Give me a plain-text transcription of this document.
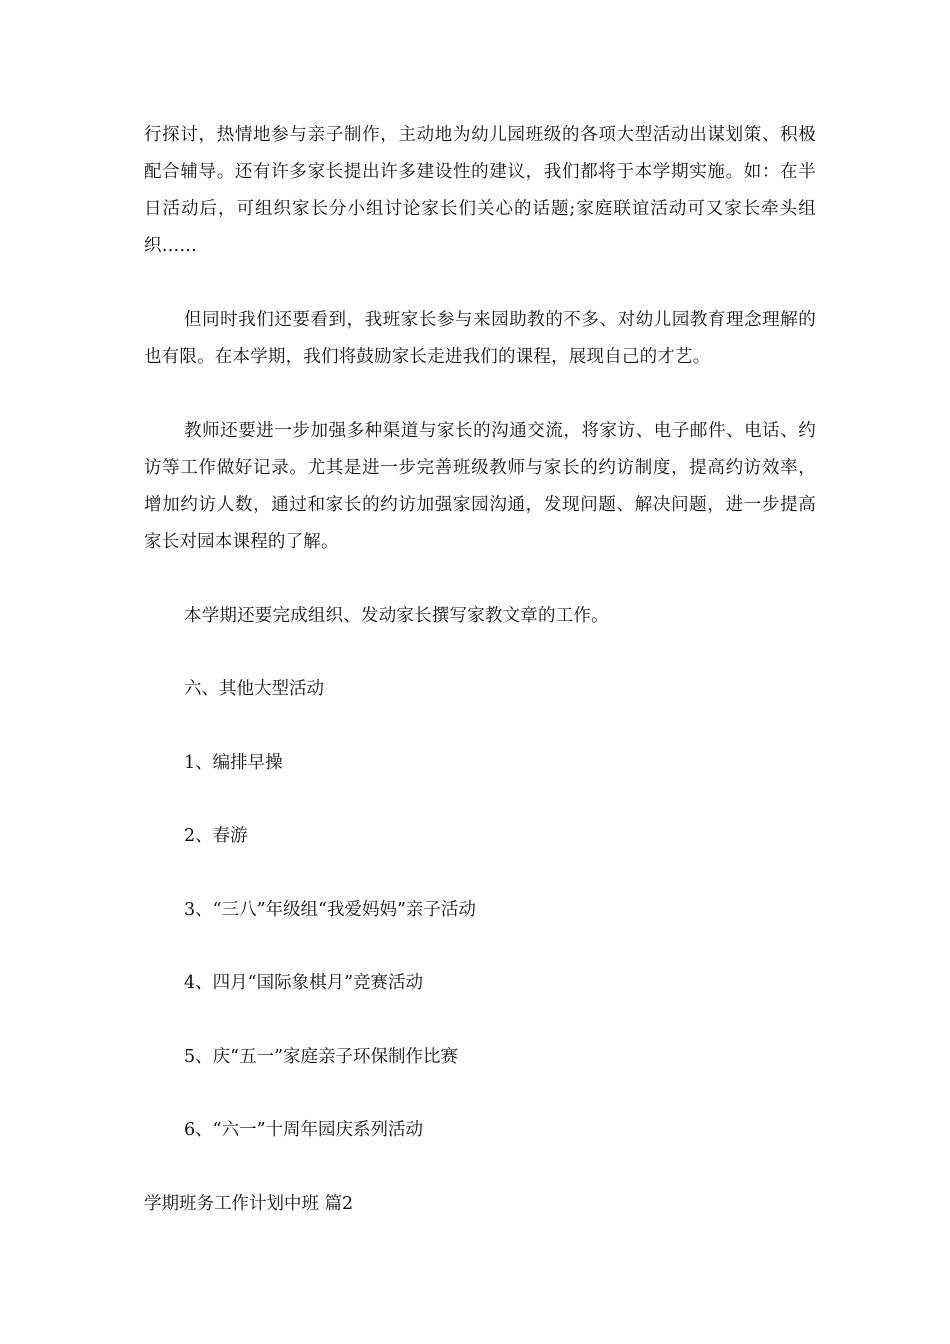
行探讨，热情地参与亲子制作，主动地为幼儿园班级的各项大型活动出谋划策、积极配合辅导。还有许多家长提出许多建设性的建议，我们都将于本学期实施。如：在半日活动后，可组织家长分小组讨论家长们关心的话题;家庭联谊活动可又家长牵头组织……

但同时我们还要看到，我班家长参与来园助教的不多、对幼儿园教育理念理解的也有限。在本学期，我们将鼓励家长走进我们的课程，展现自己的才艺。

教师还要进一步加强多种渠道与家长的沟通交流，将家访、电子邮件、电话、约访等工作做好记录。尤其是进一步完善班级教师与家长的约访制度，提高约访效率，增加约访人数，通过和家长的约访加强家园沟通，发现问题、解决问题，进一步提高家长对园本课程的了解。

本学期还要完成组织、发动家长撰写家教文章的工作。

六、其他大型活动

1、编排早操

2、春游

3、“三八”年级组“我爱妈妈”亲子活动

4、四月“国际象棋月”竞赛活动

5、庆“五一”家庭亲子环保制作比赛

6、“六一”十周年园庆系列活动

学期班务工作计划中班 篇2
